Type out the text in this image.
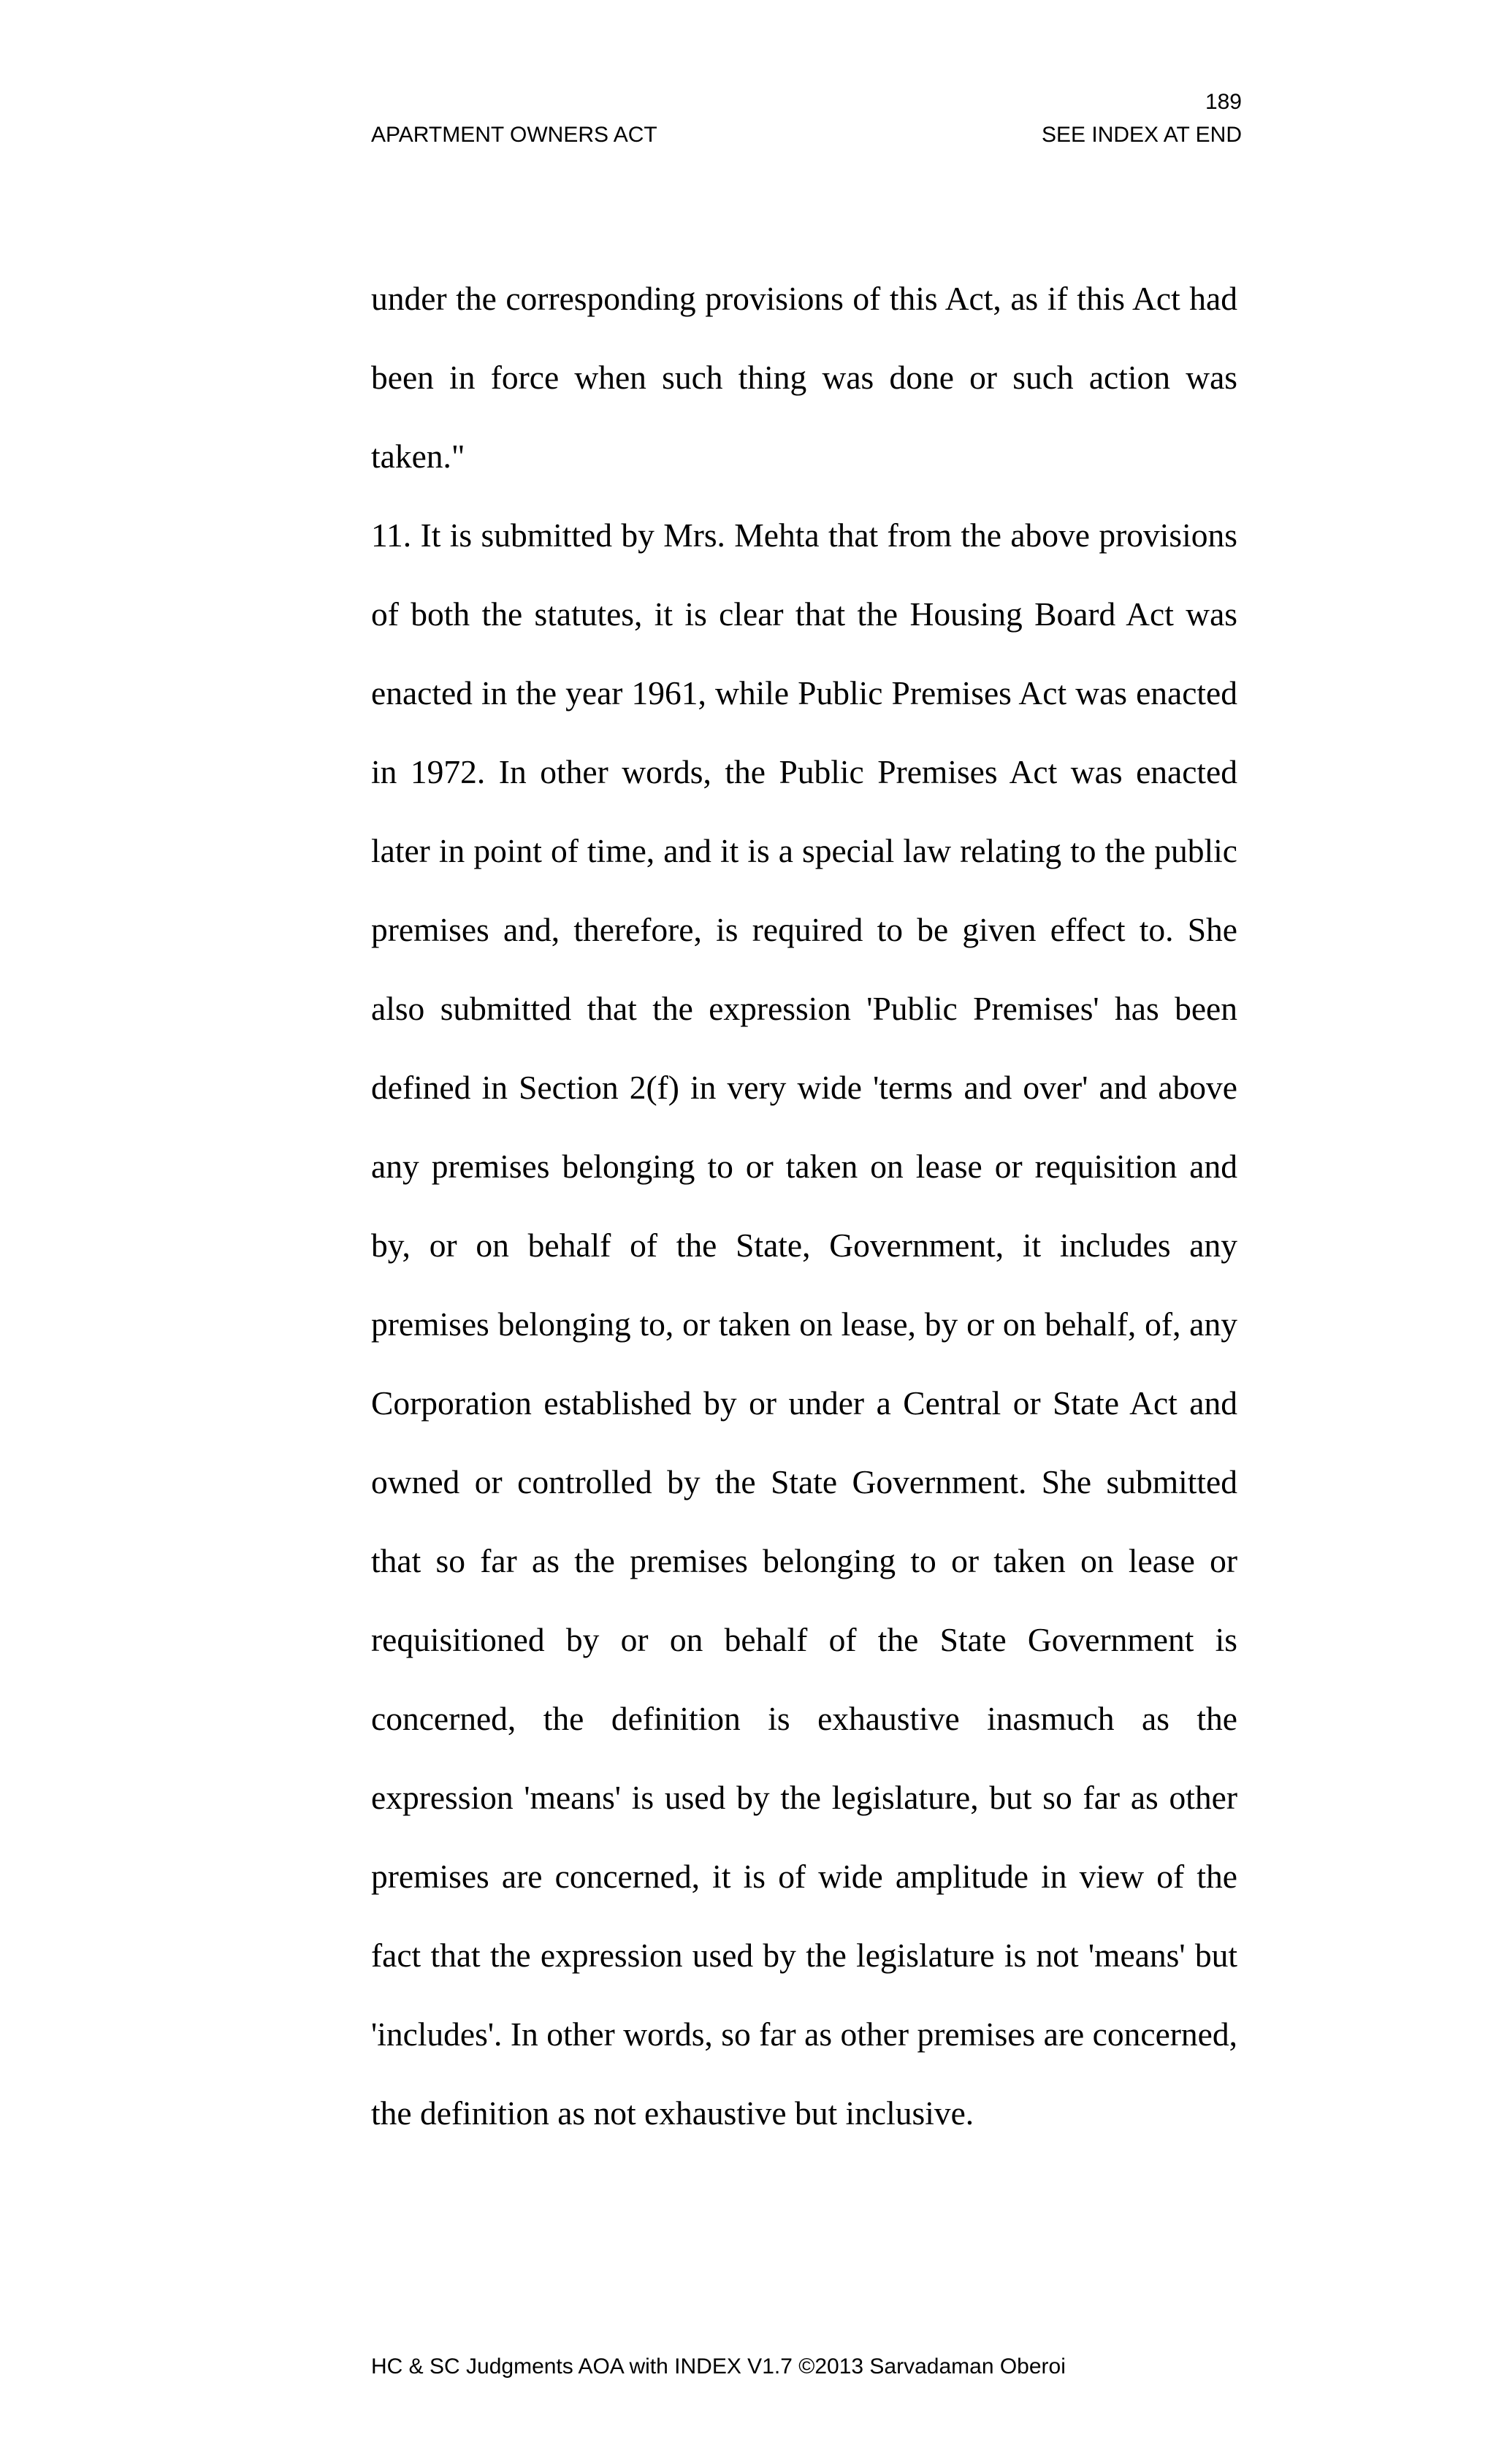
189
APARTMENT OWNERS ACT	SEE INDEX AT END

under the corresponding provisions of this Act, as if this Act had been in force when such thing was done or such action was taken."

11. It is submitted by Mrs. Mehta that from the above provisions of both the statutes, it is clear that the Housing Board Act was enacted in the year 1961, while Public Premises Act was enacted in 1972. In other words, the Public Premises Act was enacted later in point of time, and it is a special law relating to the public premises and, therefore, is required to be given effect to. She also submitted that the expression 'Public Premises' has been defined in Section 2(f) in very wide 'terms and over' and above any premises belonging to or taken on lease or requisition and by, or on behalf of the State, Government, it includes any premises belonging to, or taken on lease, by or on behalf, of, any Corporation established by or under a Central or State Act and owned or controlled by the State Government. She submitted that so far as the premises belonging to or taken on lease or requisitioned by or on behalf of the State Government is concerned, the definition is exhaustive inasmuch as the expression 'means' is used by the legislature, but so far as other premises are concerned, it is of wide amplitude in view of the fact that the expression used by the legislature is not 'means' but 'includes'. In other words, so far as other premises are concerned, the definition as not exhaustive but inclusive.

HC & SC Judgments AOA with INDEX V1.7 ©2013 Sarvadaman Oberoi
